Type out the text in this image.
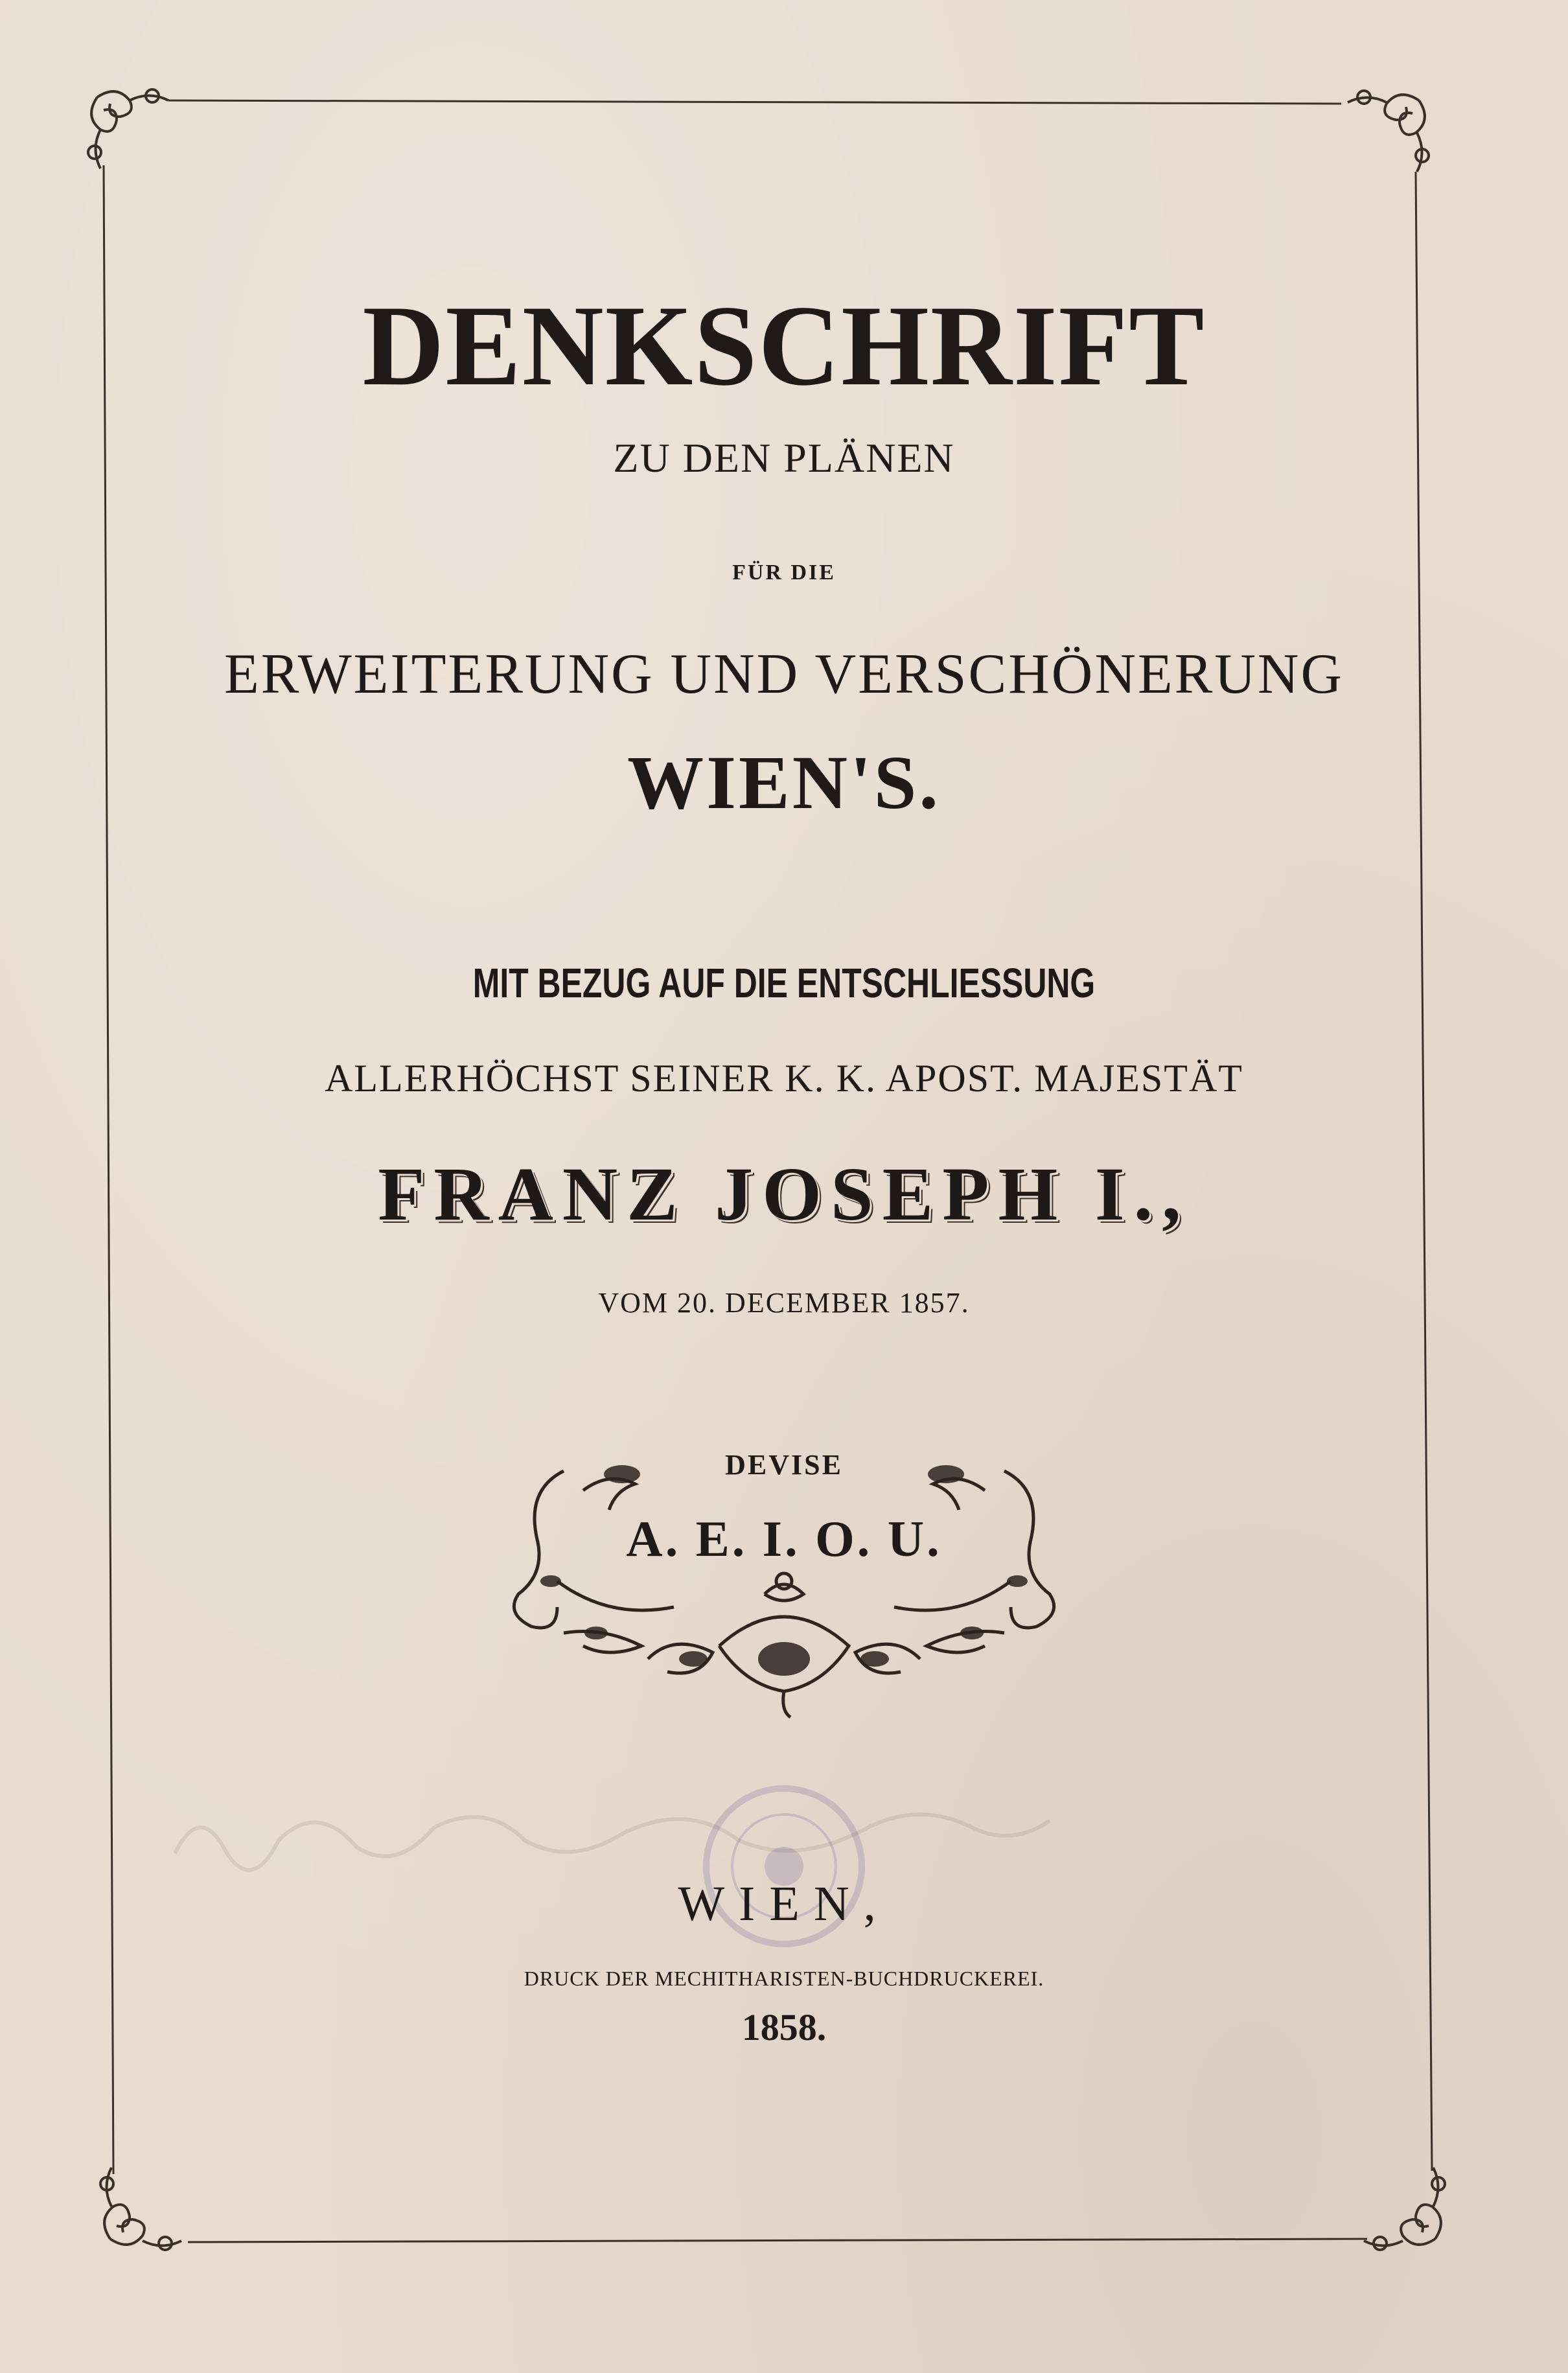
DENKSCHRIFT
ZU DEN PLÄNEN
FÜR DIE
ERWEITERUNG UND VERSCHÖNERUNG
WIEN'S.
MIT BEZUG AUF DIE ENTSCHLIESSUNG
ALLERHÖCHST SEINER K. K. APOST. MAJESTÄT
FRANZ JOSEPH I.,
VOM 20. DECEMBER 1857.
DEVISE
A. E. I. O. U.
WIEN,
DRUCK DER MECHITHARISTEN-BUCHDRUCKEREI.
1858.
